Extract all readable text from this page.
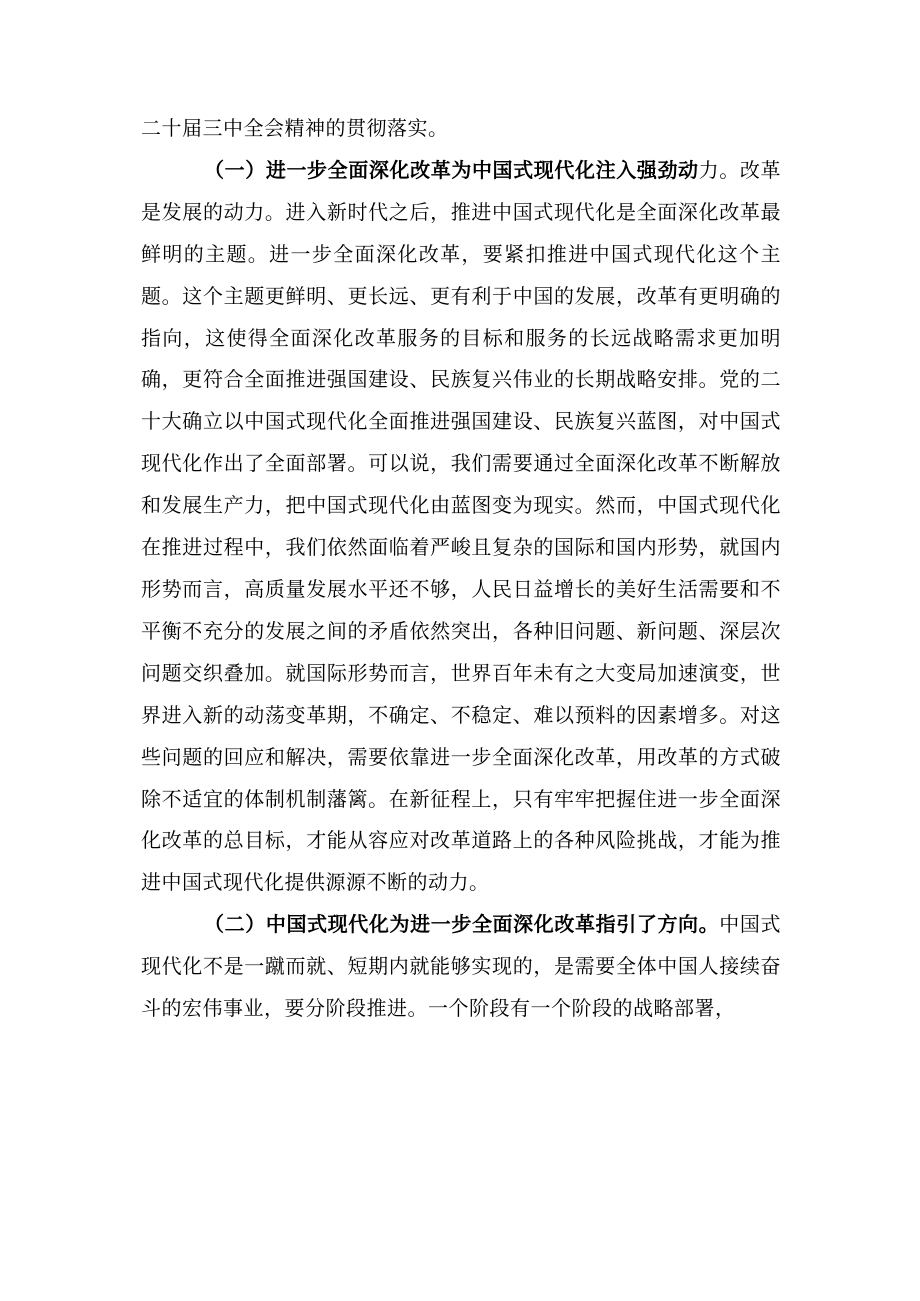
二十届三中全会精神的贯彻落实。

（一）进一步全面深化改革为中国式现代化注入强劲动力。改革是发展的动力。进入新时代之后，推进中国式现代化是全面深化改革最鲜明的主题。进一步全面深化改革，要紧扣推进中国式现代化这个主题。这个主题更鲜明、更长远、更有利于中国的发展，改革有更明确的指向，这使得全面深化改革服务的目标和服务的长远战略需求更加明确，更符合全面推进强国建设、民族复兴伟业的长期战略安排。党的二十大确立以中国式现代化全面推进强国建设、民族复兴蓝图，对中国式现代化作出了全面部署。可以说，我们需要通过全面深化改革不断解放和发展生产力，把中国式现代化由蓝图变为现实。然而，中国式现代化在推进过程中，我们依然面临着严峻且复杂的国际和国内形势，就国内形势而言，高质量发展水平还不够，人民日益增长的美好生活需要和不平衡不充分的发展之间的矛盾依然突出，各种旧问题、新问题、深层次问题交织叠加。就国际形势而言，世界百年未有之大变局加速演变，世界进入新的动荡变革期，不确定、不稳定、难以预料的因素增多。对这些问题的回应和解决，需要依靠进一步全面深化改革，用改革的方式破除不适宜的体制机制藩篱。在新征程上，只有牢牢把握住进一步全面深化改革的总目标，才能从容应对改革道路上的各种风险挑战，才能为推进中国式现代化提供源源不断的动力。

（二）中国式现代化为进一步全面深化改革指引了方向。中国式现代化不是一蹴而就、短期内就能够实现的，是需要全体中国人接续奋斗的宏伟事业，要分阶段推进。一个阶段有一个阶段的战略部署，
